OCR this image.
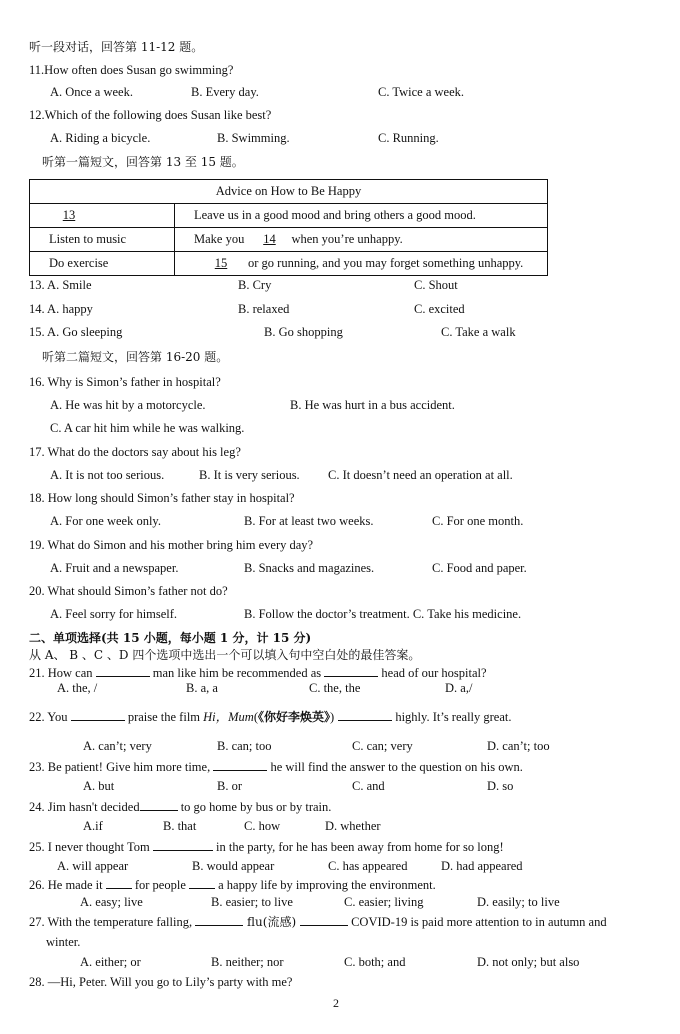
听一段对话，回答第 11-12 题。
11.How often does Susan go swimming?
A. Once a week.	B. Every day.	C. Twice a week.
12.Which of the following does Susan like best?
A. Riding a bicycle.	B. Swimming.	C. Running.
听第一篇短文，回答第 13 至 15 题。
Advice on How to Be Happy	
13	Leave us in a good mood and bring others a good mood.
Listen to music	Make you 14 when you’re unhappy.
Do exercise	15 or go running, and you may forget something unhappy.
13. A. Smile	B. Cry	C. Shout
14. A. happy	B. relaxed	C. excited
15. A. Go sleeping	B. Go shopping	C. Take a walk
听第二篇短文，回答第 16-20 题。
16. Why is Simon’s father in hospital?
A. He was hit by a motorcycle.	B. He was hurt in a bus accident.
C. A car hit him while he was walking.
17. What do the doctors say about his leg?
A. It is not too serious.	B. It is very serious. C. It doesn’t need an operation at all.
18. How long should Simon’s father stay in hospital?
A. For one week only.	B. For at least two weeks.	C. For one month.
19. What do Simon and his mother bring him every day?
A. Fruit and a newspaper.	B. Snacks and magazines.	C. Food and paper.
20. What should Simon’s father not do?
A. Feel sorry for himself.	B. Follow the doctor’s treatment. C. Take his medicine.
二、单项选择(共 15 小题，每小题 1 分，计 15 分)
从 A、 B 、C 、D 四个选项中选出一个可以填入句中空白处的最佳答案。
21. How can	man like him be recommended as	head of our hospital?
A. the, /	B. a, a	C. the, the	D. a,/
22. You	praise the film Hi，Mum(《你好李焕英》)	highly. It’s really great.
A. can’t; very	B. can; too	C. can; very	D. can’t; too
23. Be patient! Give him more time,	he will find the answer to the question on his own.
A. but	B. or	C. and	D. so
24. Jim hasn't decided	to go home by bus or by train.
A.if	B. that	C. how	D. whether
25. I never thought Tom	in the party, for he has been away from home for so long!
A. will appear	B. would appear	C. has appeared	D. had appeared
26. He made it  for people  a happy life by improving the environment.
A. easy; live	B. easier; to live	C. easier; living	D. easily; to live
27. With the temperature falling,	flu(流感)	COVID-19 is paid more attention to in autumn and
winter.
A. either; or	B. neither; nor	C. both; and	D. not only; but also
28. —Hi, Peter. Will you go to Lily’s party with me?
2
